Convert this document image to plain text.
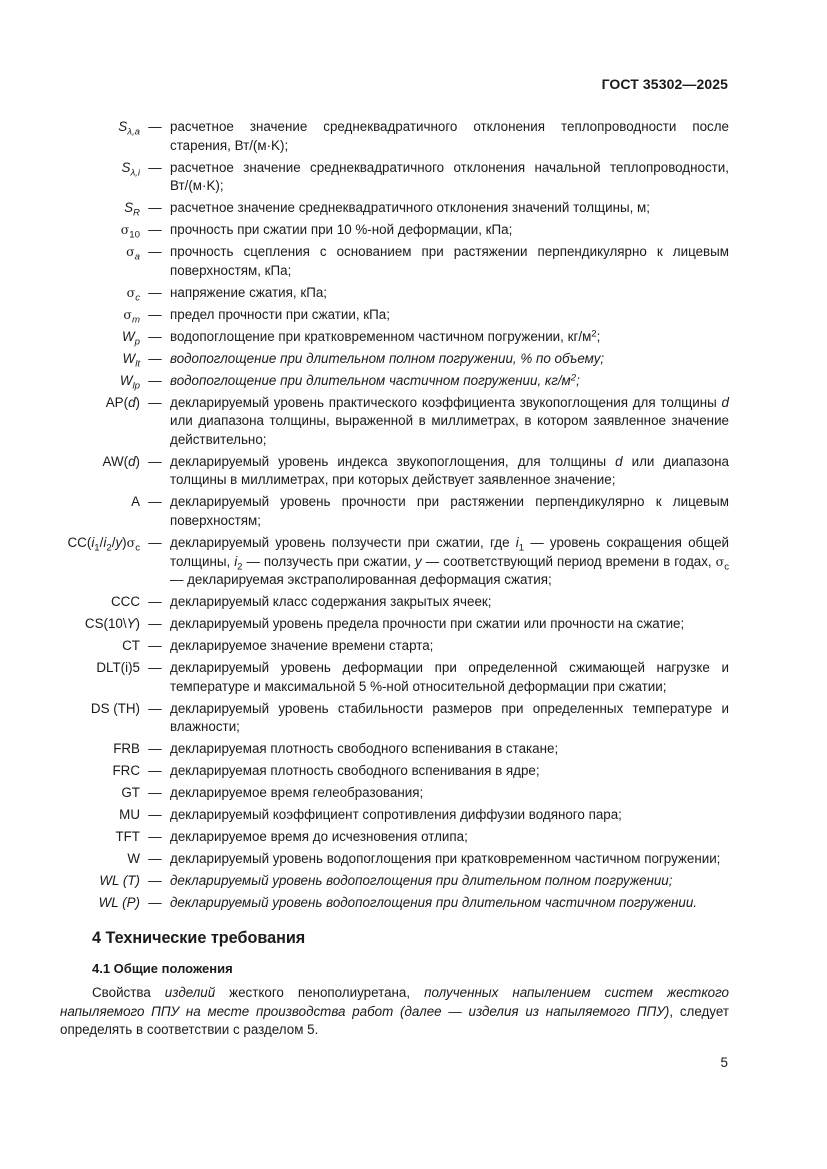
ГОСТ 35302—2025
$S_{\lambda,a}$ — расчетное значение среднеквадратичного отклонения теплопроводности после старения, Вт/(м·K);
$S_{\lambda,i}$ — расчетное значение среднеквадратичного отклонения начальной теплопроводности, Вт/(м·K);
$S_R$ — расчетное значение среднеквадратичного отклонения значений толщины, м;
$\sigma_{10}$ — прочность при сжатии при 10 %-ной деформации, кПа;
$\sigma_a$ — прочность сцепления с основанием при растяжении перпендикулярно к лицевым поверхностям, кПа;
$\sigma_c$ — напряжение сжатия, кПа;
$\sigma_m$ — предел прочности при сжатии, кПа;
$W_p$ — водопоглощение при кратковременном частичном погружении, $кг/м^2$;
$W_{lt}$ — водопоглощение при длительном полном погружении, % по объему;
$W_{lp}$ — водопоглощение при длительном частичном погружении, $кг/м^2$;
AP(d) — декларируемый уровень практического коэффициента звукопоглощения для толщины d или диапазона толщины, выраженной в миллиметрах, в котором заявленное значение действительно;
AW(d) — декларируемый уровень индекса звукопоглощения, для толщины d или диапазона толщины в миллиметрах, при которых действует заявленное значение;
A — декларируемый уровень прочности при растяжении перпендикулярно к лицевым поверхностям;
$CC(i_1/i_2/y)\sigma_c$ — декларируемый уровень ползучести при сжатии, где $i_1$ — уровень сокращения общей толщины, $i_2$ — ползучесть при сжатии, y — соответствующий период времени в годах, $\sigma_c$ — декларируемая экстраполированная деформация сжатия;
CCC — декларируемый класс содержания закрытых ячеек;
CS(10\Y) — декларируемый уровень предела прочности при сжатии или прочности на сжатие;
CT — декларируемое значение времени старта;
DLT(i)5 — декларируемый уровень деформации при определенной сжимающей нагрузке и температуре и максимальной 5 %-ной относительной деформации при сжатии;
DS (TH) — декларируемый уровень стабильности размеров при определенных температуре и влажности;
FRB — декларируемая плотность свободного вспенивания в стакане;
FRC — декларируемая плотность свободного вспенивания в ядре;
GT — декларируемое время гелеобразования;
MU — декларируемый коэффициент сопротивления диффузии водяного пара;
TFT — декларируемое время до исчезновения отлипа;
W — декларируемый уровень водопоглощения при кратковременном частичном погружении;
WL (T) — декларируемый уровень водопоглощения при длительном полном погружении;
WL (P) — декларируемый уровень водопоглощения при длительном частичном погружении.
4 Технические требования
4.1 Общие положения
Свойства изделий жесткого пенополиуретана, полученных напылением систем жесткого напыляемого ППУ на месте производства работ (далее — изделия из напыляемого ППУ), следует определять в соответствии с разделом 5.
5
